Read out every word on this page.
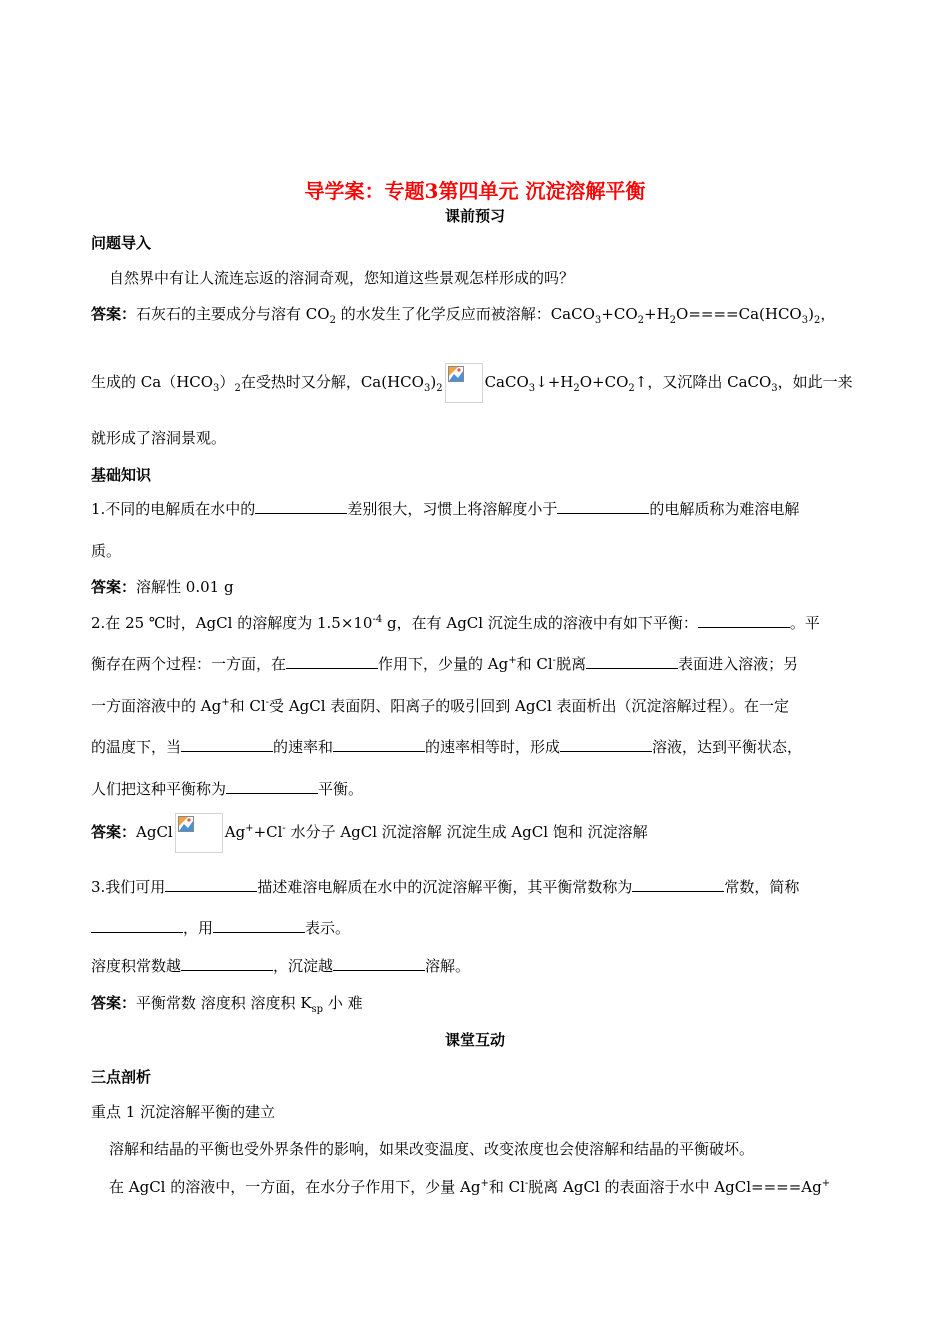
导学案：专题3第四单元 沉淀溶解平衡
课前预习
问题导入
自然界中有让人流连忘返的溶洞奇观，您知道这些景观怎样形成的吗？
答案：石灰石的主要成分与溶有 $CO_2$ 的水发生了化学反应而被溶解：$CaCO_3+CO_2+H_2O====Ca(HCO_3)_2$，
生成的 $Ca(HCO_3)_2$在受热时又分解，$Ca(HCO_3)_2$	$CaCO_3↓+H_2O+CO_2↑$，又沉降出 CaCO$_3$，如此一来
就形成了溶洞景观。
基础知识
1.不同的电解质在水中的	差别很大，习惯上将溶解度小于	的电解质称为难溶电解
质。
答案：溶解性 0.01 g
2.在 25 ℃时，AgCl 的溶解度为 $1.5\times 10^{-4}$ g，在有 AgCl 沉淀生成的溶液中有如下平衡：	。平
衡存在两个过程：一方面，在	作用下，少量的 Ag+和 Cl-脱离	表面进入溶液；另
一方面溶液中的 Ag+和 Cl-受 AgCl 表面阴、阳离子的吸引回到 AgCl 表面析出（沉淀溶解过程）。在一定
的温度下，当	的速率和	的速率相等时，形成	溶液，达到平衡状态，
人们把这种平衡称为	平衡。
答案：AgCl	Ag++Cl- 水分子 AgCl 沉淀溶解 沉淀生成 AgCl 饱和 沉淀溶解
3.我们可用	描述难溶电解质在水中的沉淀溶解平衡，其平衡常数称为	常数，简称
，用	表示。
溶度积常数越	，沉淀越	溶解。
答案：平衡常数 溶度积 溶度积 $K_{sp}$ 小 难
课堂互动
三点剖析
重点 1 沉淀溶解平衡的建立
溶解和结晶的平衡也受外界条件的影响，如果改变温度、改变浓度也会使溶解和结晶的平衡破坏。
在 AgCl 的溶液中，一方面，在水分子作用下，少量 Ag+和 Cl-脱离 AgCl 的表面溶于水中 AgCl====Ag+
